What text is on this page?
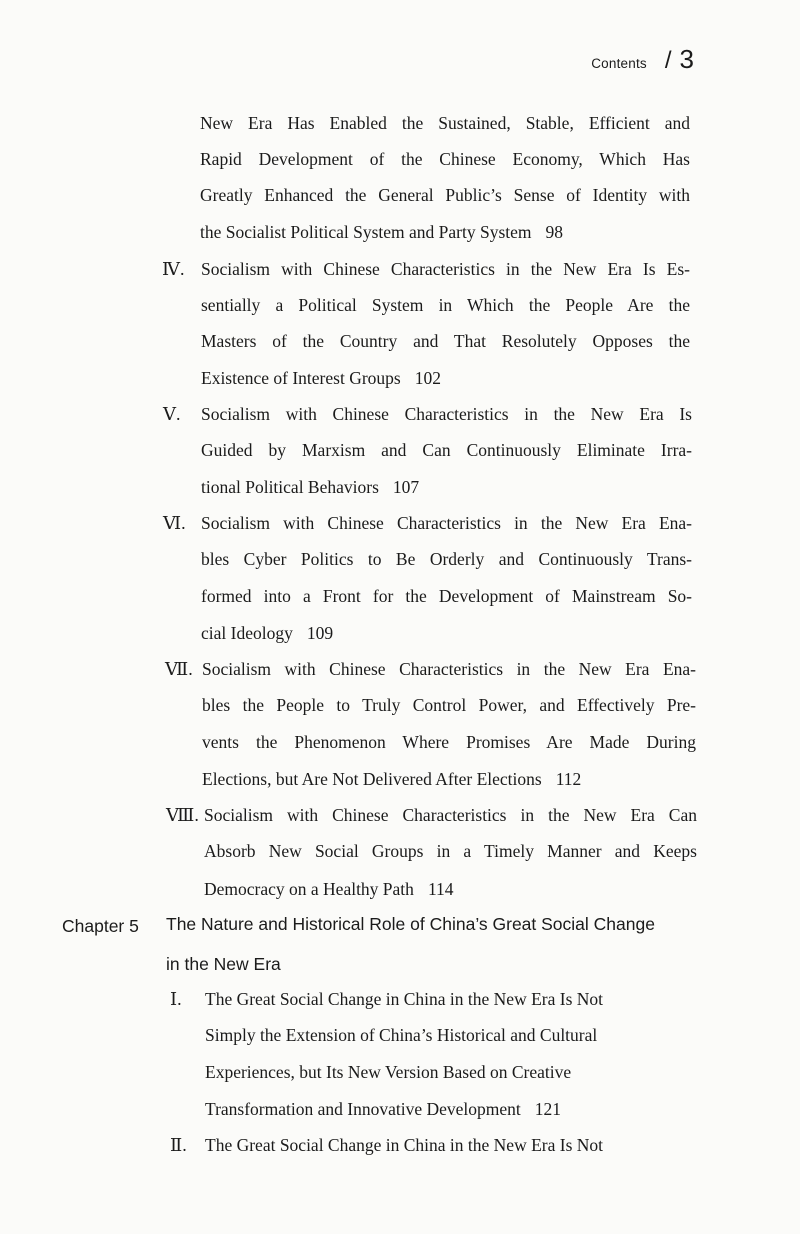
Contents / 3
New Era Has Enabled the Sustained, Stable, Efficient and
Rapid Development of the Chinese Economy, Which Has
Greatly Enhanced the General Public’s Sense of Identity with
the Socialist Political System and Party System 98
Ⅳ. Socialism with Chinese Characteristics in the New Era Is Es-
sentially a Political System in Which the People Are the
Masters of the Country and That Resolutely Opposes the
Existence of Interest Groups 102
Ⅴ. Socialism with Chinese Characteristics in the New Era Is
Guided by Marxism and Can Continuously Eliminate Irra-
tional Political Behaviors 107
Ⅵ. Socialism with Chinese Characteristics in the New Era Ena-
bles Cyber Politics to Be Orderly and Continuously Trans-
formed into a Front for the Development of Mainstream So-
cial Ideology 109
Ⅶ. Socialism with Chinese Characteristics in the New Era Ena-
bles the People to Truly Control Power, and Effectively Pre-
vents the Phenomenon Where Promises Are Made During
Elections, but Are Not Delivered After Elections 112
Ⅷ. Socialism with Chinese Characteristics in the New Era Can
Absorb New Social Groups in a Timely Manner and Keeps
Democracy on a Healthy Path 114
Chapter 5 The Nature and Historical Role of China’s Great Social Change
in the New Era
Ⅰ. The Great Social Change in China in the New Era Is Not
Simply the Extension of China’s Historical and Cultural
Experiences, but Its New Version Based on Creative
Transformation and Innovative Development 121
Ⅱ. The Great Social Change in China in the New Era Is Not
